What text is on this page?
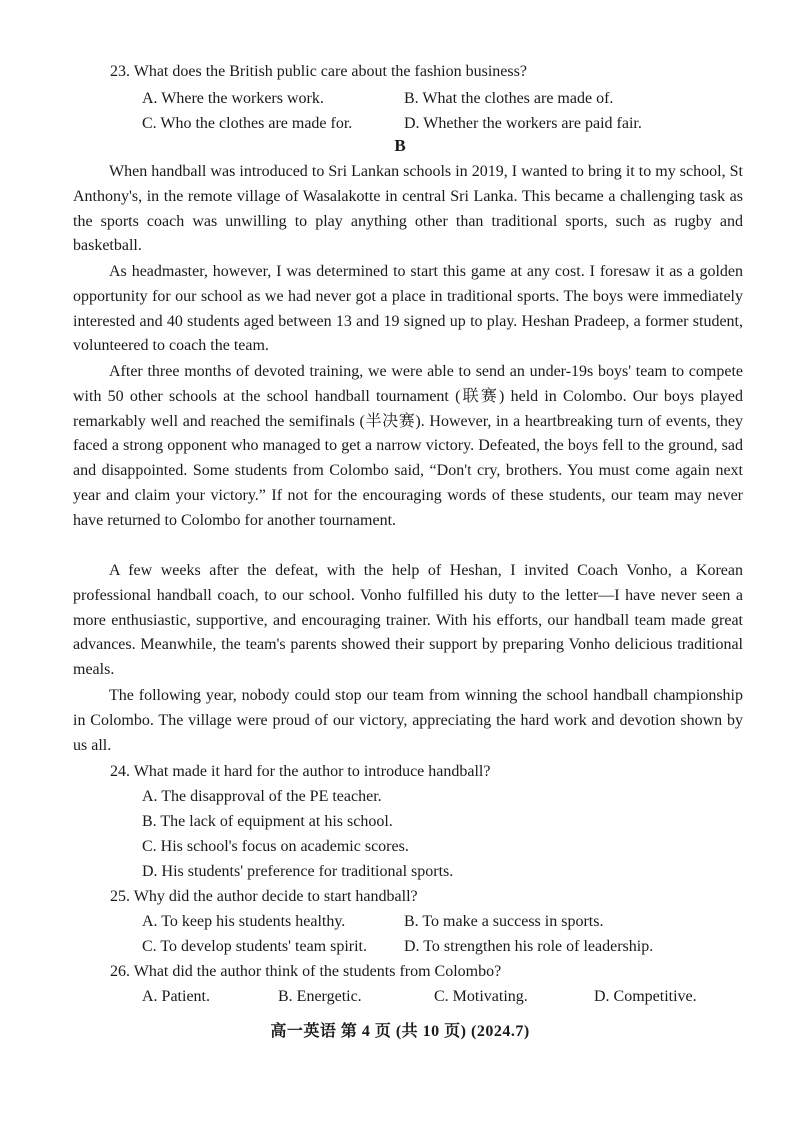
23. What does the British public care about the fashion business?
A. Where the workers work.	B. What the clothes are made of.
C. Who the clothes are made for.	D. Whether the workers are paid fair.
B

When handball was introduced to Sri Lankan schools in 2019, I wanted to bring it to my school, St Anthony's, in the remote village of Wasalakotte in central Sri Lanka. This became a challenging task as the sports coach was unwilling to play anything other than traditional sports, such as rugby and basketball.

As headmaster, however, I was determined to start this game at any cost. I foresaw it as a golden opportunity for our school as we had never got a place in traditional sports. The boys were immediately interested and 40 students aged between 13 and 19 signed up to play. Heshan Pradeep, a former student, volunteered to coach the team.

After three months of devoted training, we were able to send an under-19s boys' team to compete with 50 other schools at the school handball tournament (联赛) held in Colombo. Our boys played remarkably well and reached the semifinals (半决赛). However, in a heartbreaking turn of events, they faced a strong opponent who managed to get a narrow victory. Defeated, the boys fell to the ground, sad and disappointed. Some students from Colombo said, “Don't cry, brothers. You must come again next year and claim your victory.” If not for the encouraging words of these students, our team may never have returned to Colombo for another tournament.

A few weeks after the defeat, with the help of Heshan, I invited Coach Vonho, a Korean professional handball coach, to our school. Vonho fulfilled his duty to the letter—I have never seen a more enthusiastic, supportive, and encouraging trainer. With his efforts, our handball team made great advances. Meanwhile, the team's parents showed their support by preparing Vonho delicious traditional meals.

The following year, nobody could stop our team from winning the school handball championship in Colombo. The village were proud of our victory, appreciating the hard work and devotion shown by us all.

24. What made it hard for the author to introduce handball?
A. The disapproval of the PE teacher.
B. The lack of equipment at his school.
C. His school's focus on academic scores.
D. His students' preference for traditional sports.
25. Why did the author decide to start handball?
A. To keep his students healthy.	B. To make a success in sports.
C. To develop students' team spirit. D. To strengthen his role of leadership.
26. What did the author think of the students from Colombo?
A. Patient.	B. Energetic.	C. Motivating.	D. Competitive.
高一英语 第 4 页 (共 10 页) (2024.7)
